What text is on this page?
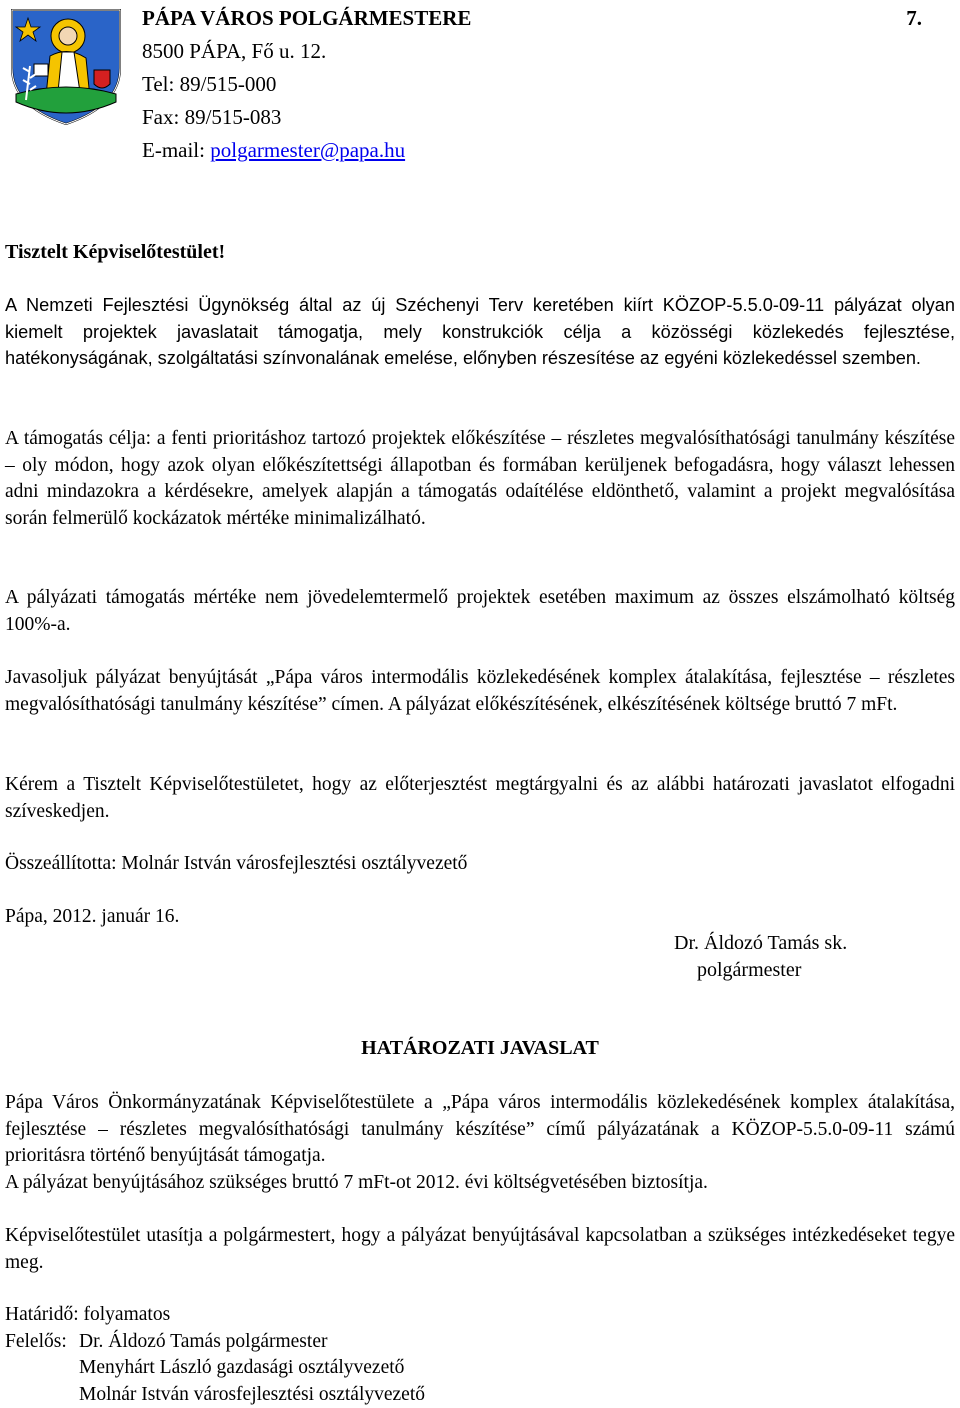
PÁPA VÁROS POLGÁRMESTERE	7.
8500 PÁPA, Fő u. 12.
Tel: 89/515-000
Fax: 89/515-083
E-mail: polgarmester@papa.hu
Tisztelt Képviselőtestület!

A Nemzeti Fejlesztési Ügynökség által az új Széchenyi Terv keretében kiírt KÖZOP-5.5.0-09-11 pályázat olyan kiemelt projektek javaslatait támogatja, mely konstrukciók célja a közösségi közlekedés fejlesztése, hatékonyságának, szolgáltatási színvonalának emelése, előnyben részesítése az egyéni közlekedéssel szemben.

A támogatás célja: a fenti prioritáshoz tartozó projektek előkészítése ‒ részletes megvalósíthatósági tanulmány készítése ‒ oly módon, hogy azok olyan előkészítettségi állapotban és formában kerüljenek befogadásra, hogy választ lehessen adni mindazokra a kérdésekre, amelyek alapján a támogatás odaítélése eldönthető, valamint a projekt megvalósítása során felmerülő kockázatok mértéke minimalizálható.

A pályázati támogatás mértéke nem jövedelemtermelő projektek esetében maximum az összes elszámolható költség 100%-a.

Javasoljuk pályázat benyújtását „Pápa város intermodális közlekedésének komplex átalakítása, fejlesztése ‒ részletes megvalósíthatósági tanulmány készítése” címen. A pályázat előkészítésének, elkészítésének költsége bruttó 7 mFt.

Kérem a Tisztelt Képviselőtestületet, hogy az előterjesztést megtárgyalni és az alábbi határozati javaslatot elfogadni szíveskedjen.

Összeállította: Molnár István városfejlesztési osztályvezető

Pápa, 2012. január 16.

Dr. Áldozó Tamás sk.
polgármester
HATÁROZATI JAVASLAT
Pápa Város Önkormányzatának Képviselőtestülete a „Pápa város intermodális közlekedésének komplex átalakítása, fejlesztése ‒ részletes megvalósíthatósági tanulmány készítése” című pályázatának a KÖZOP-5.5.0-09-11 számú prioritásra történő benyújtását támogatja.
A pályázat benyújtásához szükséges bruttó 7 mFt-ot 2012. évi költségvetésében biztosítja.

Képviselőtestület utasítja a polgármestert, hogy a pályázat benyújtásával kapcsolatban a szükséges intézkedéseket tegye meg.

Határidő: folyamatos
Felelős: Dr. Áldozó Tamás polgármester
Menyhárt László gazdasági osztályvezető
Molnár István városfejlesztési osztályvezető
